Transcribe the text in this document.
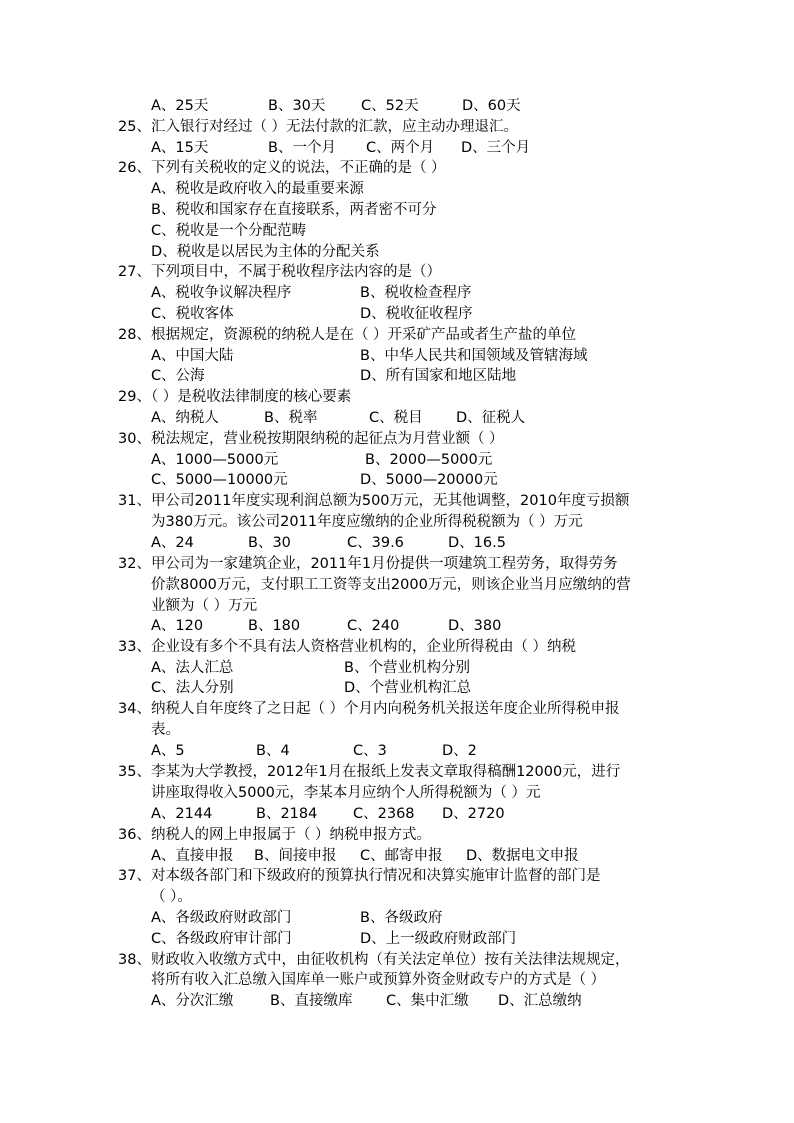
A、25天	B、30天 C、52天	D、60天
25、汇入银行对经过（ ）无法付款的汇款，应主动办理退汇。
A、15天	B、一个月 C、两个月 D、三个月
26、下列有关税收的定义的说法，不正确的是（ ）
A、税收是政府收入的最重要来源
B、税收和国家存在直接联系，两者密不可分
C、税收是一个分配范畴
D、税收是以居民为主体的分配关系
27、下列项目中，不属于税收程序法内容的是（）
A、税收争议解决程序	B、税收检查程序
C、税收客体	D、税收征收程序
28、根据规定，资源税的纳税人是在（ ）开采矿产品或者生产盐的单位
A、中国大陆	B、中华人民共和国领域及管辖海域
C、公海	D、所有国家和地区陆地
29、（ ）是税收法律制度的核心要素
A、纳税人	B、税率	C、税目 D、征税人
30、税法规定，营业税按期限纳税的起征点为月营业额（ ）
A、1000—5000元	B、2000—5000元
C、5000—10000元	D、5000—20000元
31、甲公司2011年度实现利润总额为500万元，无其他调整，2010年度亏损额
为380万元。该公司2011年度应缴纳的企业所得税税额为（ ）万元
A、24	B、30	C、39.6	D、16.5
32、甲公司为一家建筑企业，2011年1月份提供一项建筑工程劳务，取得劳务
价款8000万元，支付职工工资等支出2000万元，则该企业当月应缴纳的营
业额为（ ）万元
A、120	B、180	C、240	D、380
33、企业设有多个不具有法人资格营业机构的，企业所得税由（ ）纳税
A、法人汇总	B、个营业机构分别
C、法人分别	D、个营业机构汇总
34、纳税人自年度终了之日起（ ）个月内向税务机关报送年度企业所得税申报
表。
A、5	B、4	C、3	D、2
35、李某为大学教授，2012年1月在报纸上发表文章取得稿酬12000元，进行
讲座取得收入5000元，李某本月应纳个人所得税额为（ ）元
A、2144	B、2184 C、2368 D、2720
36、纳税人的网上申报属于（ ）纳税申报方式。
A、直接申报 B、间接申报 C、邮寄申报 D、数据电文申报
37、对本级各部门和下级政府的预算执行情况和决算实施审计监督的部门是
（ ）。
A、各级政府财政部门	B、各级政府
C、各级政府审计部门	D、上一级政府财政部门
38、财政收入收缴方式中，由征收机构（有关法定单位）按有关法律法规规定，
将所有收入汇总缴入国库单一账户或预算外资金财政专户的方式是（ ）
A、分次汇缴	B、直接缴库 C、集中汇缴 D、汇总缴纳
